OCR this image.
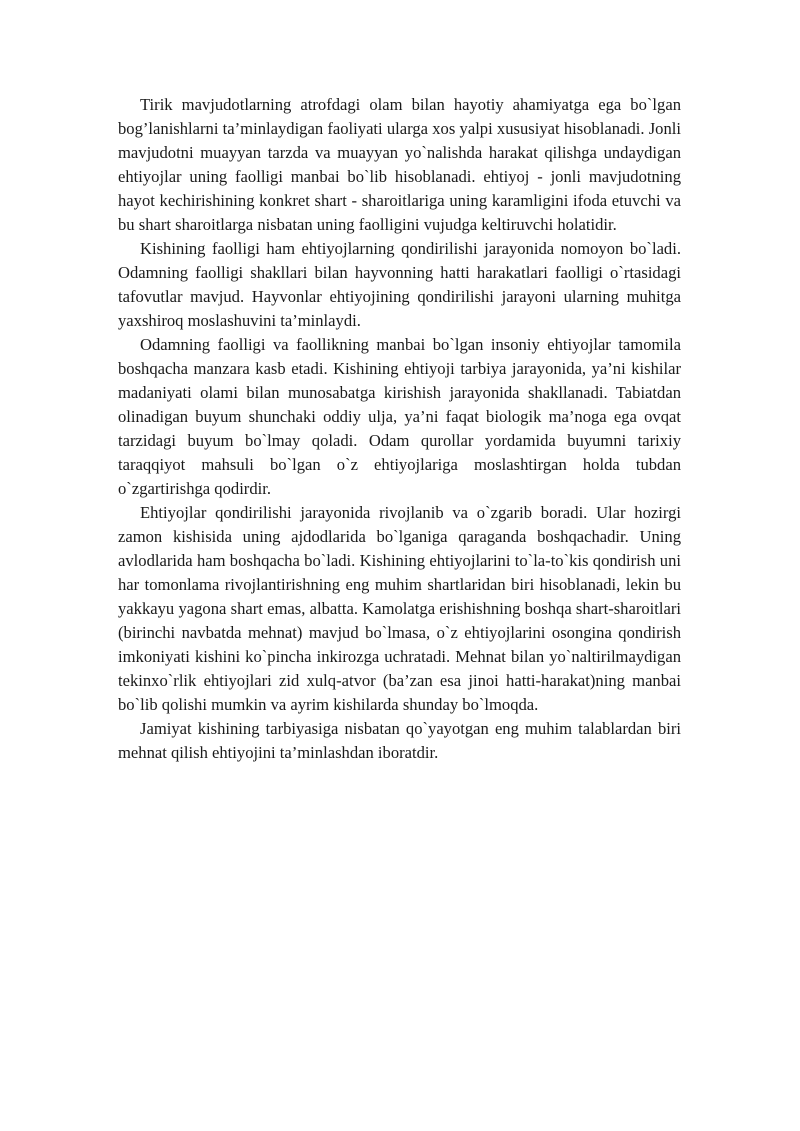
Tirik mavjudotlarning atrofdagi olam bilan hayotiy ahamiyatga ega bo`lgan bog’lanishlarni ta’minlaydigan faoliyati ularga xos yalpi xususiyat hisoblanadi. Jonli mavjudotni muayyan tarzda va muayyan yo`nalishda harakat qilishga undaydigan ehtiyojlar uning faolligi manbai bo`lib hisoblanadi. ehtiyoj - jonli mavjudotning hayot kechirishining konkret shart - sharoitlariga uning karamligini ifoda etuvchi va bu shart sharoitlarga nisbatan uning faolligini vujudga keltiruvchi holatidir.

Kishining faolligi ham ehtiyojlarning qondirilishi jarayonida nomoyon bo`ladi. Odamning faolligi shakllari bilan hayvonning hatti harakatlari faolligi o`rtasidagi tafovutlar mavjud. Hayvonlar ehtiyojining qondirilishi jarayoni ularning muhitga yaxshiroq moslashuvini ta’minlaydi.

Odamning faolligi va faollikning manbai bo`lgan insoniy ehtiyojlar tamomila boshqacha manzara kasb etadi. Kishining ehtiyoji tarbiya jarayonida, ya’ni kishilar madaniyati olami bilan munosabatga kirishish jarayonida shakllanadi. Tabiatdan olinadigan buyum shunchaki oddiy ulja, ya’ni faqat biologik ma’noga ega ovqat tarzidagi buyum bo`lmay qoladi. Odam qurollar yordamida buyumni tarixiy taraqqiyot mahsuli bo`lgan o`z ehtiyojlariga moslashtirgan holda tubdan o`zgartirishga qodirdir.

Ehtiyojlar qondirilishi jarayonida rivojlanib va o`zgarib boradi. Ular hozirgi zamon kishisida uning ajdodlarida bo`lganiga qaraganda boshqachadir. Uning avlodlarida ham boshqacha bo`ladi. Kishining ehtiyojlarini to`la-to`kis qondirish uni har tomonlama rivojlantirishning eng muhim shartlaridan biri hisoblanadi, lekin bu yakkayu yagona shart emas, albatta. Kamolatga erishishning boshqa shart-sharoitlari (birinchi navbatda mehnat) mavjud bo`lmasa, o`z ehtiyojlarini osongina qondirish imkoniyati kishini ko`pincha inkirozga uchratadi. Mehnat bilan yo`naltirilmaydigan tekinxo`rlik ehtiyojlari zid xulq-atvor (ba’zan esa jinoi hatti-harakat)ning manbai bo`lib qolishi mumkin va ayrim kishilarda shunday bo`lmoqda.

Jamiyat kishining tarbiyasiga nisbatan qo`yayotgan eng muhim talablardan biri mehnat qilish ehtiyojini ta’minlashdan iboratdir.
